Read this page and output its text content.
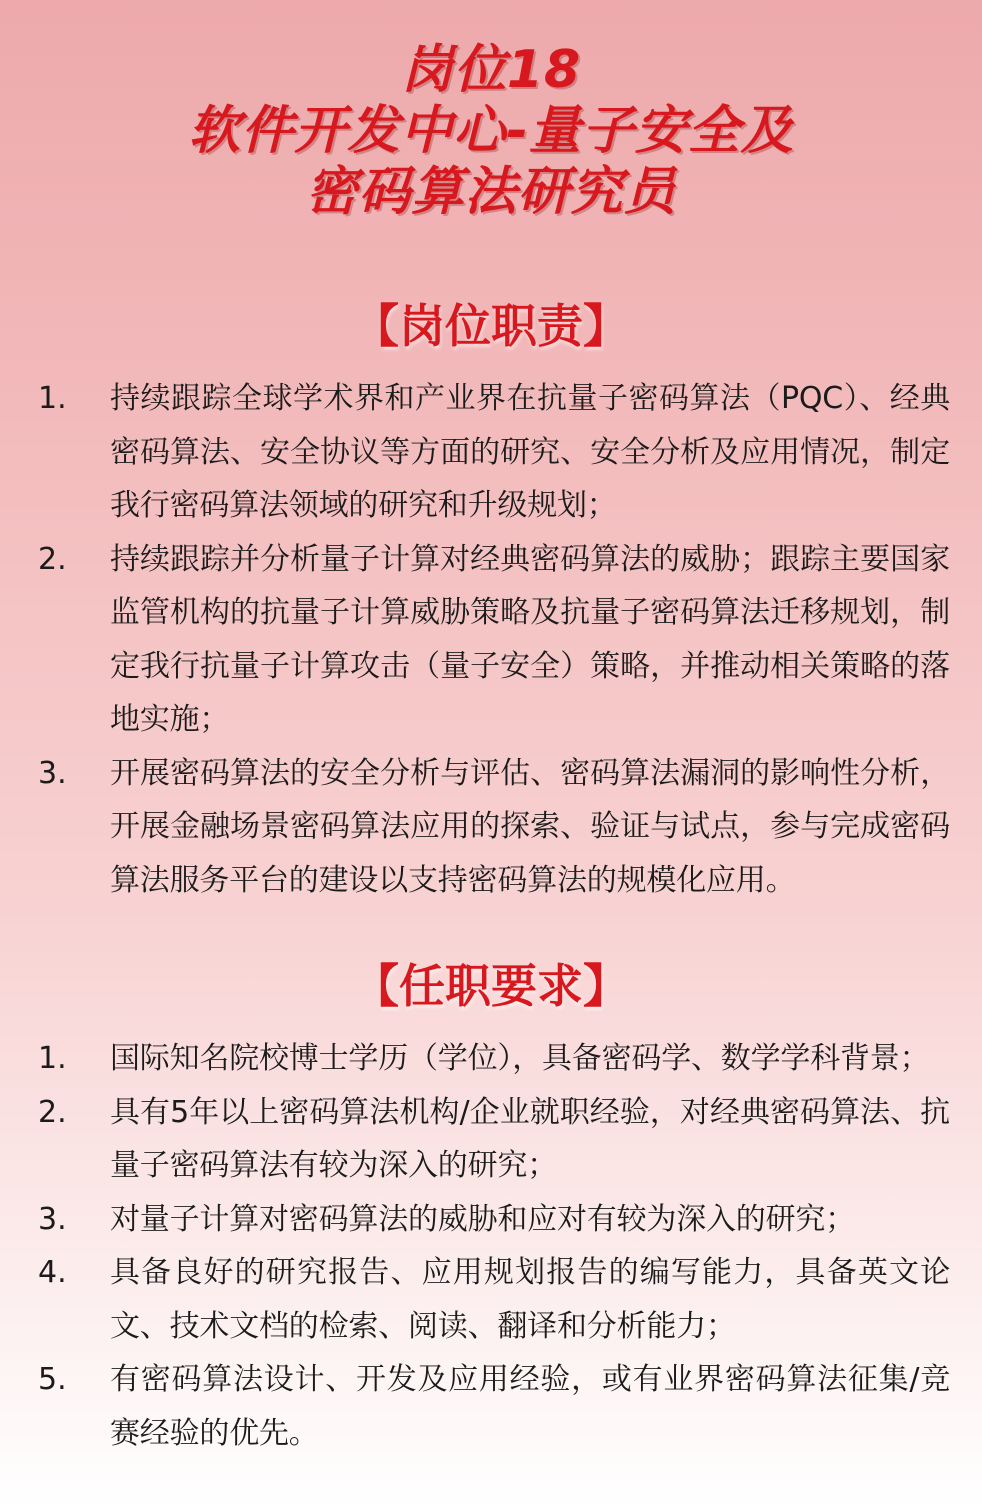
岗位18
软件开发中心-量子安全及
密码算法研究员
【岗位职责】
1.	持续跟踪全球学术界和产业界在抗量子密码算法（PQC）、经典密码算法、安全协议等方面的研究、安全分析及应用情况，制定我行密码算法领域的研究和升级规划；
2.	持续跟踪并分析量子计算对经典密码算法的威胁；跟踪主要国家监管机构的抗量子计算威胁策略及抗量子密码算法迁移规划，制定我行抗量子计算攻击（量子安全）策略，并推动相关策略的落地实施；
3.	开展密码算法的安全分析与评估、密码算法漏洞的影响性分析，开展金融场景密码算法应用的探索、验证与试点，参与完成密码算法服务平台的建设以支持密码算法的规模化应用。
【任职要求】
1.	国际知名院校博士学历（学位），具备密码学、数学学科背景；
2.	具有5年以上密码算法机构/企业就职经验，对经典密码算法、抗量子密码算法有较为深入的研究；
3.	对量子计算对密码算法的威胁和应对有较为深入的研究；
4.	具备良好的研究报告、应用规划报告的编写能力，具备英文论文、技术文档的检索、阅读、翻译和分析能力；
5.	有密码算法设计、开发及应用经验，或有业界密码算法征集/竞赛经验的优先。
